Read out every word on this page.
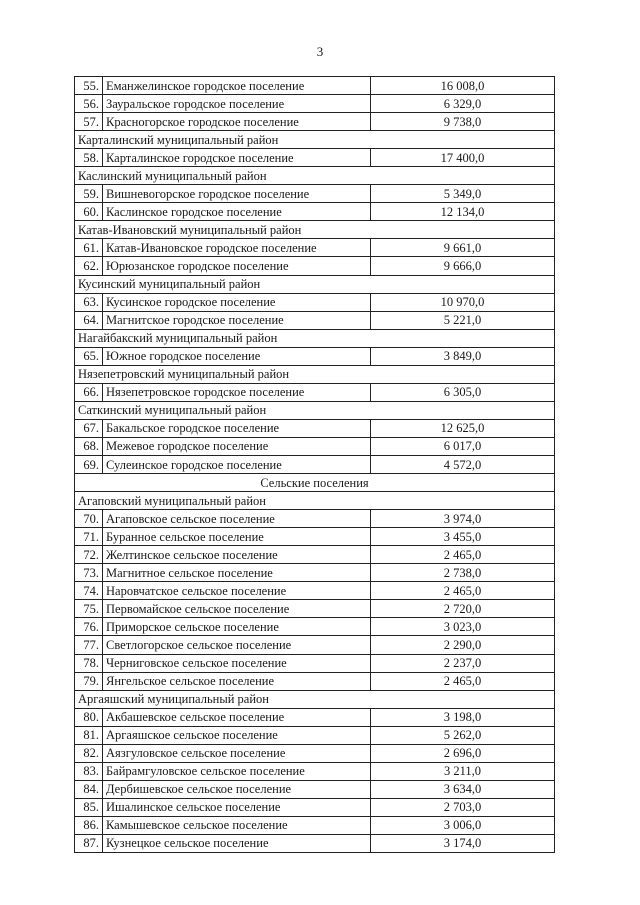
3
55.	Еманжелинское городское поселение	16 008,0
56.	Зауральское городское поселение	6 329,0
57.	Красногорское городское поселение	9 738,0
Карталинский муниципальный район		
58.	Карталинское городское поселение	17 400,0
Каслинский муниципальный район		
59.	Вишневогорское городское поселение	5 349,0
60.	Каслинское городское поселение	12 134,0
Катав-Ивановский муниципальный район		
61.	Катав-Ивановское городское поселение	9 661,0
62.	Юрюзанское городское поселение	9 666,0
Кусинский муниципальный район		
63.	Кусинское городское поселение	10 970,0
64.	Магнитское городское поселение	5 221,0
Нагайбакский муниципальный район		
65.	Южное городское поселение	3 849,0
Нязепетровский муниципальный район		
66.	Нязепетровское городское поселение	6 305,0
Саткинский муниципальный район		
67.	Бакальское городское поселение	12 625,0
68.	Межевое городское поселение	6 017,0
69.	Сулеинское городское поселение	4 572,0
Сельские поселения		
Агаповский муниципальный район		
70.	Агаповское сельское поселение	3 974,0
71.	Буранное сельское поселение	3 455,0
72.	Желтинское сельское поселение	2 465,0
73.	Магнитное сельское поселение	2 738,0
74.	Наровчатское сельское поселение	2 465,0
75.	Первомайское сельское поселение	2 720,0
76.	Приморское сельское поселение	3 023,0
77.	Светлогорское сельское поселение	2 290,0
78.	Черниговское сельское поселение	2 237,0
79.	Янгельское сельское поселение	2 465,0
Аргаяшский муниципальный район		
80.	Акбашевское сельское поселение	3 198,0
81.	Аргаяшское сельское поселение	5 262,0
82.	Аязгуловское сельское поселение	2 696,0
83.	Байрамгуловское сельское поселение	3 211,0
84.	Дербишевское сельское поселение	3 634,0
85.	Ишалинское сельское поселение	2 703,0
86.	Камышевское сельское поселение	3 006,0
87.	Кузнецкое сельское поселение	3 174,0
